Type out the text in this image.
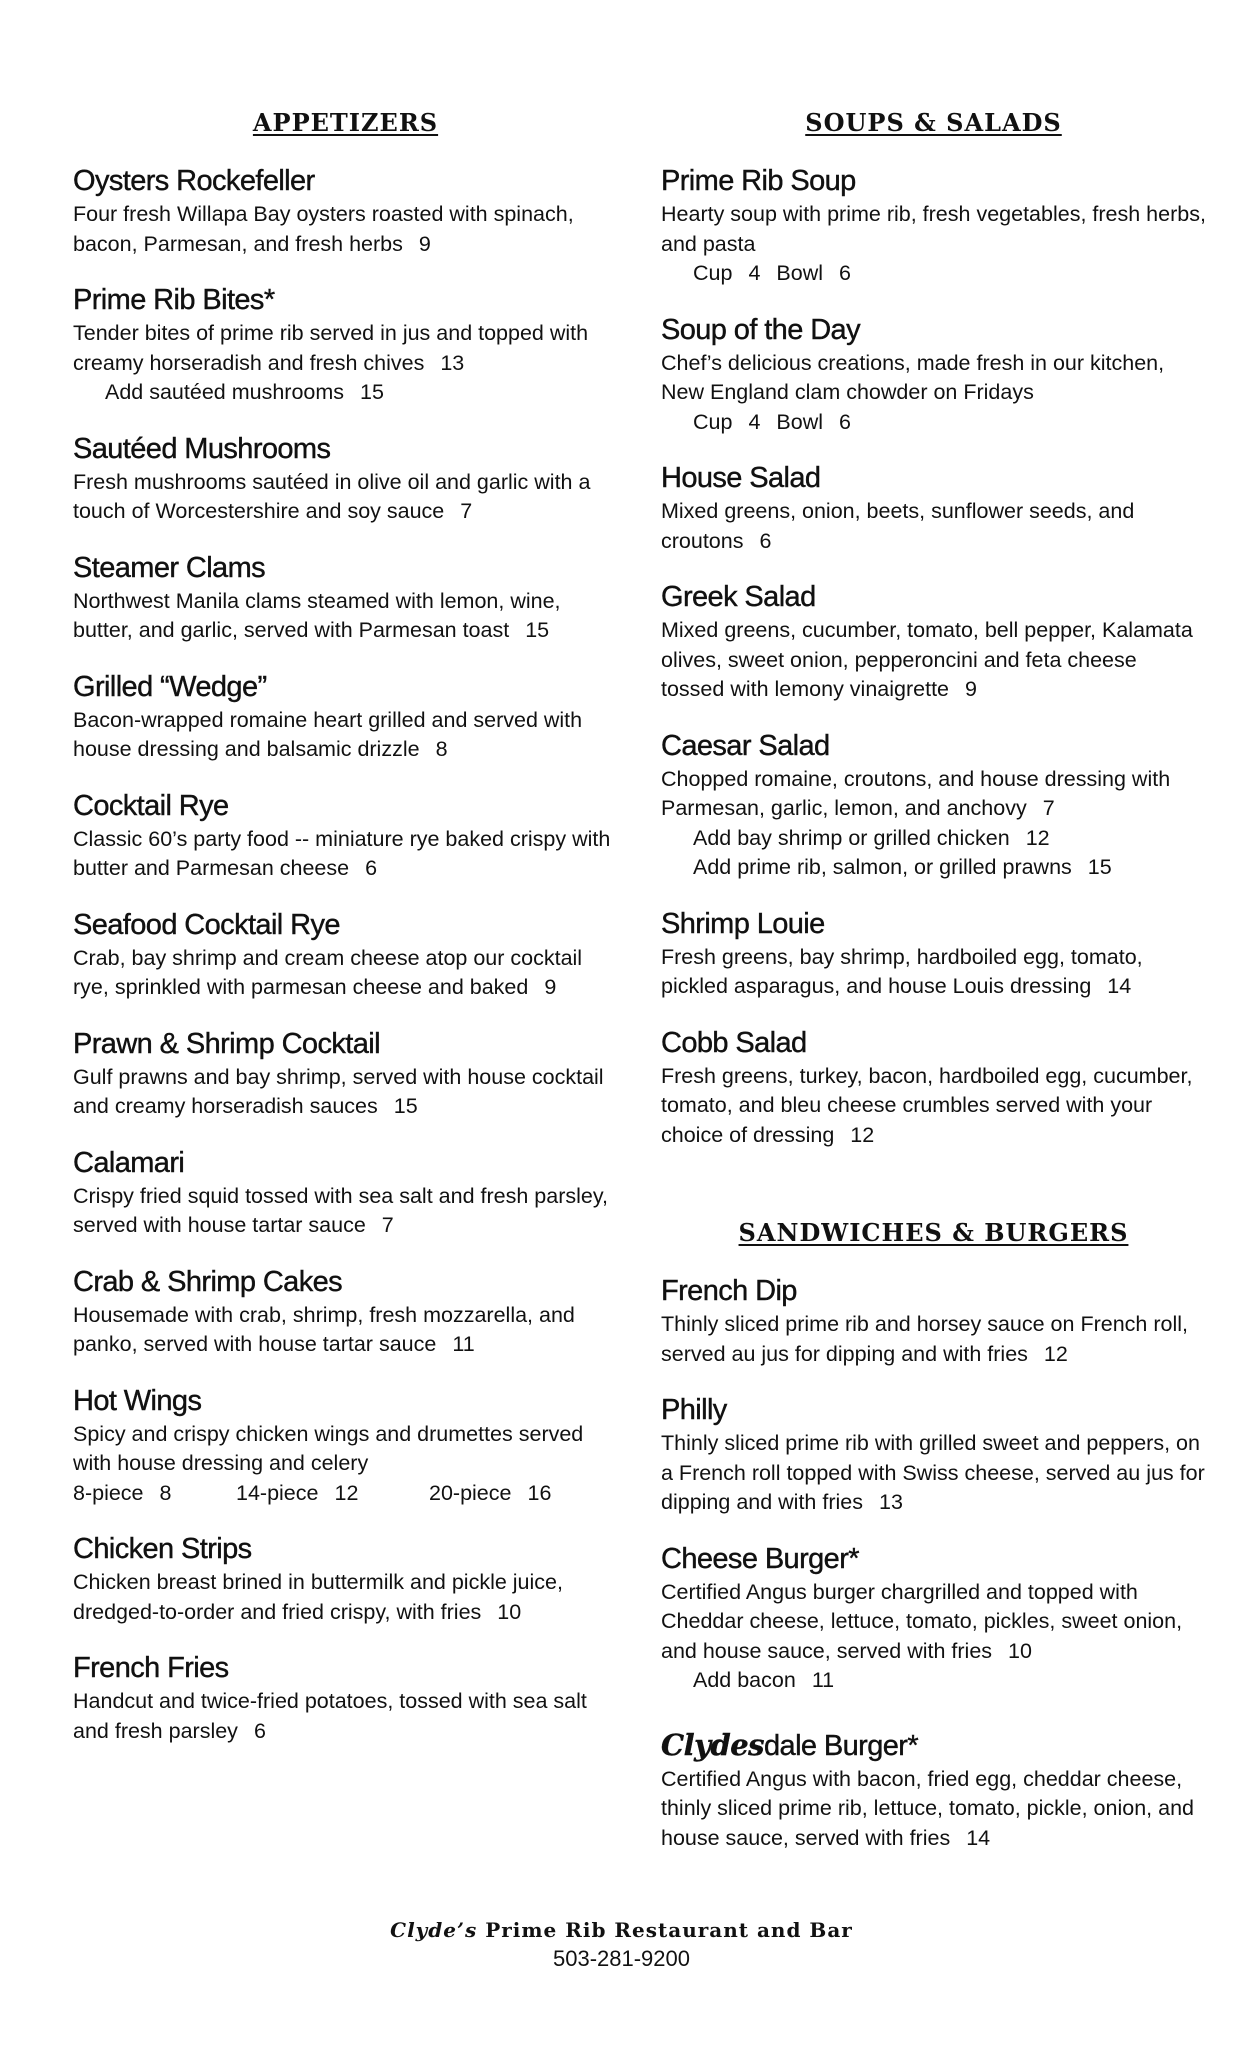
APPETIZERS
Oysters Rockefeller
Four fresh Willapa Bay oysters roasted with spinach, bacon, Parmesan, and fresh herbs 9
Prime Rib Bites*
Tender bites of prime rib served in jus and topped with creamy horseradish and fresh chives 13
Add sautéed mushrooms 15
Sautéed Mushrooms
Fresh mushrooms sautéed in olive oil and garlic with a touch of Worcestershire and soy sauce 7
Steamer Clams
Northwest Manila clams steamed with lemon, wine, butter, and garlic, served with Parmesan toast 15
Grilled “Wedge”
Bacon-wrapped romaine heart grilled and served with house dressing and balsamic drizzle 8
Cocktail Rye
Classic 60’s party food -- miniature rye baked crispy with butter and Parmesan cheese 6
Seafood Cocktail Rye
Crab, bay shrimp and cream cheese atop our cocktail rye, sprinkled with parmesan cheese and baked 9
Prawn & Shrimp Cocktail
Gulf prawns and bay shrimp, served with house cocktail and creamy horseradish sauces 15
Calamari
Crispy fried squid tossed with sea salt and fresh parsley, served with house tartar sauce 7
Crab & Shrimp Cakes
Housemade with crab, shrimp, fresh mozzarella, and panko, served with house tartar sauce 11
Hot Wings
Spicy and crispy chicken wings and drumettes served with house dressing and celery
8-piece 8	14-piece 12	20-piece 16
Chicken Strips
Chicken breast brined in buttermilk and pickle juice, dredged-to-order and fried crispy, with fries 10
French Fries
Handcut and twice-fried potatoes, tossed with sea salt and fresh parsley 6
SOUPS & SALADS
Prime Rib Soup
Hearty soup with prime rib, fresh vegetables, fresh herbs, and pasta
Cup 4 Bowl 6
Soup of the Day
Chef’s delicious creations, made fresh in our kitchen, New England clam chowder on Fridays
Cup 4 Bowl 6
House Salad
Mixed greens, onion, beets, sunflower seeds, and croutons 6
Greek Salad
Mixed greens, cucumber, tomato, bell pepper, Kalamata olives, sweet onion, pepperoncini and feta cheese tossed with lemony vinaigrette 9
Caesar Salad
Chopped romaine, croutons, and house dressing with Parmesan, garlic, lemon, and anchovy 7
Add bay shrimp or grilled chicken 12
Add prime rib, salmon, or grilled prawns 15
Shrimp Louie
Fresh greens, bay shrimp, hardboiled egg, tomato, pickled asparagus, and house Louis dressing 14
Cobb Salad
Fresh greens, turkey, bacon, hardboiled egg, cucumber, tomato, and bleu cheese crumbles served with your choice of dressing 12
SANDWICHES & BURGERS
French Dip
Thinly sliced prime rib and horsey sauce on French roll, served au jus for dipping and with fries 12
Philly
Thinly sliced prime rib with grilled sweet and peppers, on a French roll topped with Swiss cheese, served au jus for dipping and with fries 13
Cheese Burger*
Certified Angus burger chargrilled and topped with Cheddar cheese, lettuce, tomato, pickles, sweet onion, and house sauce, served with fries 10
Add bacon 11
Clydesdale Burger*
Certified Angus with bacon, fried egg, cheddar cheese, thinly sliced prime rib, lettuce, tomato, pickle, onion, and house sauce, served with fries 14
Clyde’s Prime Rib Restaurant and Bar
503-281-9200
